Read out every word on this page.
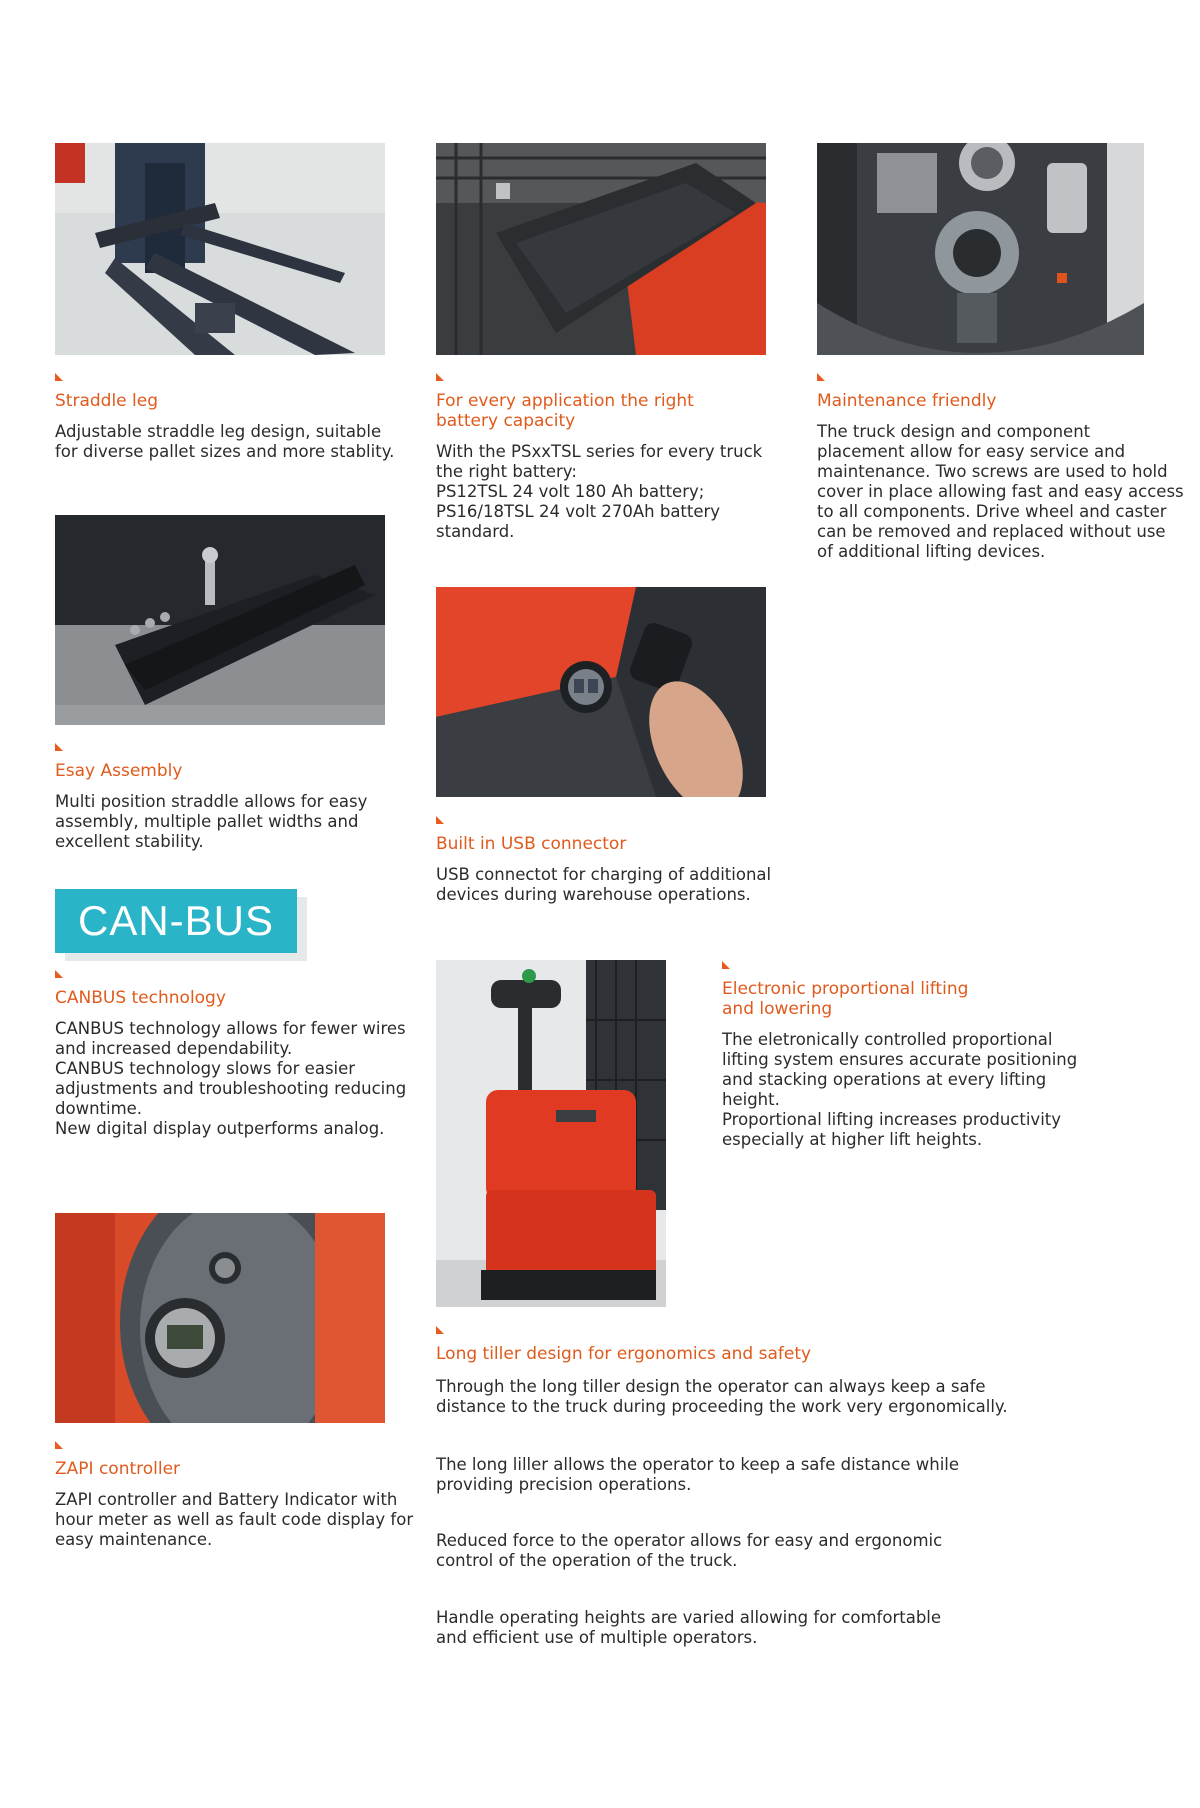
Straddle leg
Adjustable straddle leg design, suitable
for diverse pallet sizes and more stablity.
Esay Assembly
Multi position straddle allows for easy
assembly, multiple pallet widths and
excellent stability.
CAN-BUS
CANBUS technology
CANBUS technology allows for fewer wires
and increased dependability.
CANBUS technology slows for easier
adjustments and troubleshooting reducing
downtime.
New digital display outperforms analog.
ZAPI controller
ZAPI controller and Battery Indicator with
hour meter as well as fault code display for
easy maintenance.
For every application the right
battery capacity
With the PSxxTSL series for every truck
the right battery:
PS12TSL 24 volt 180 Ah battery;
PS16/18TSL 24 volt 270Ah battery
standard.
Built in USB connector
USB connectot for charging of additional
devices during warehouse operations.
Long tiller design for ergonomics and safety
Through the long tiller design the operator can always keep a safe
distance to the truck during proceeding the work very ergonomically.
The long liller allows the operator to keep a safe distance while
providing precision operations.
Reduced force to the operator allows for easy and ergonomic
control of the operation of the truck.
Handle operating heights are varied allowing for comfortable
and efficient use of multiple operators.
Maintenance friendly
The truck design and component
placement allow for easy service and
maintenance. Two screws are used to hold
cover in place allowing fast and easy access
to all components. Drive wheel and caster
can be removed and replaced without use
of additional lifting devices.
Electronic proportional lifting
and lowering
The eletronically controlled proportional
lifting system ensures accurate positioning
and stacking operations at every lifting
height.
Proportional lifting increases productivity
especially at higher lift heights.
